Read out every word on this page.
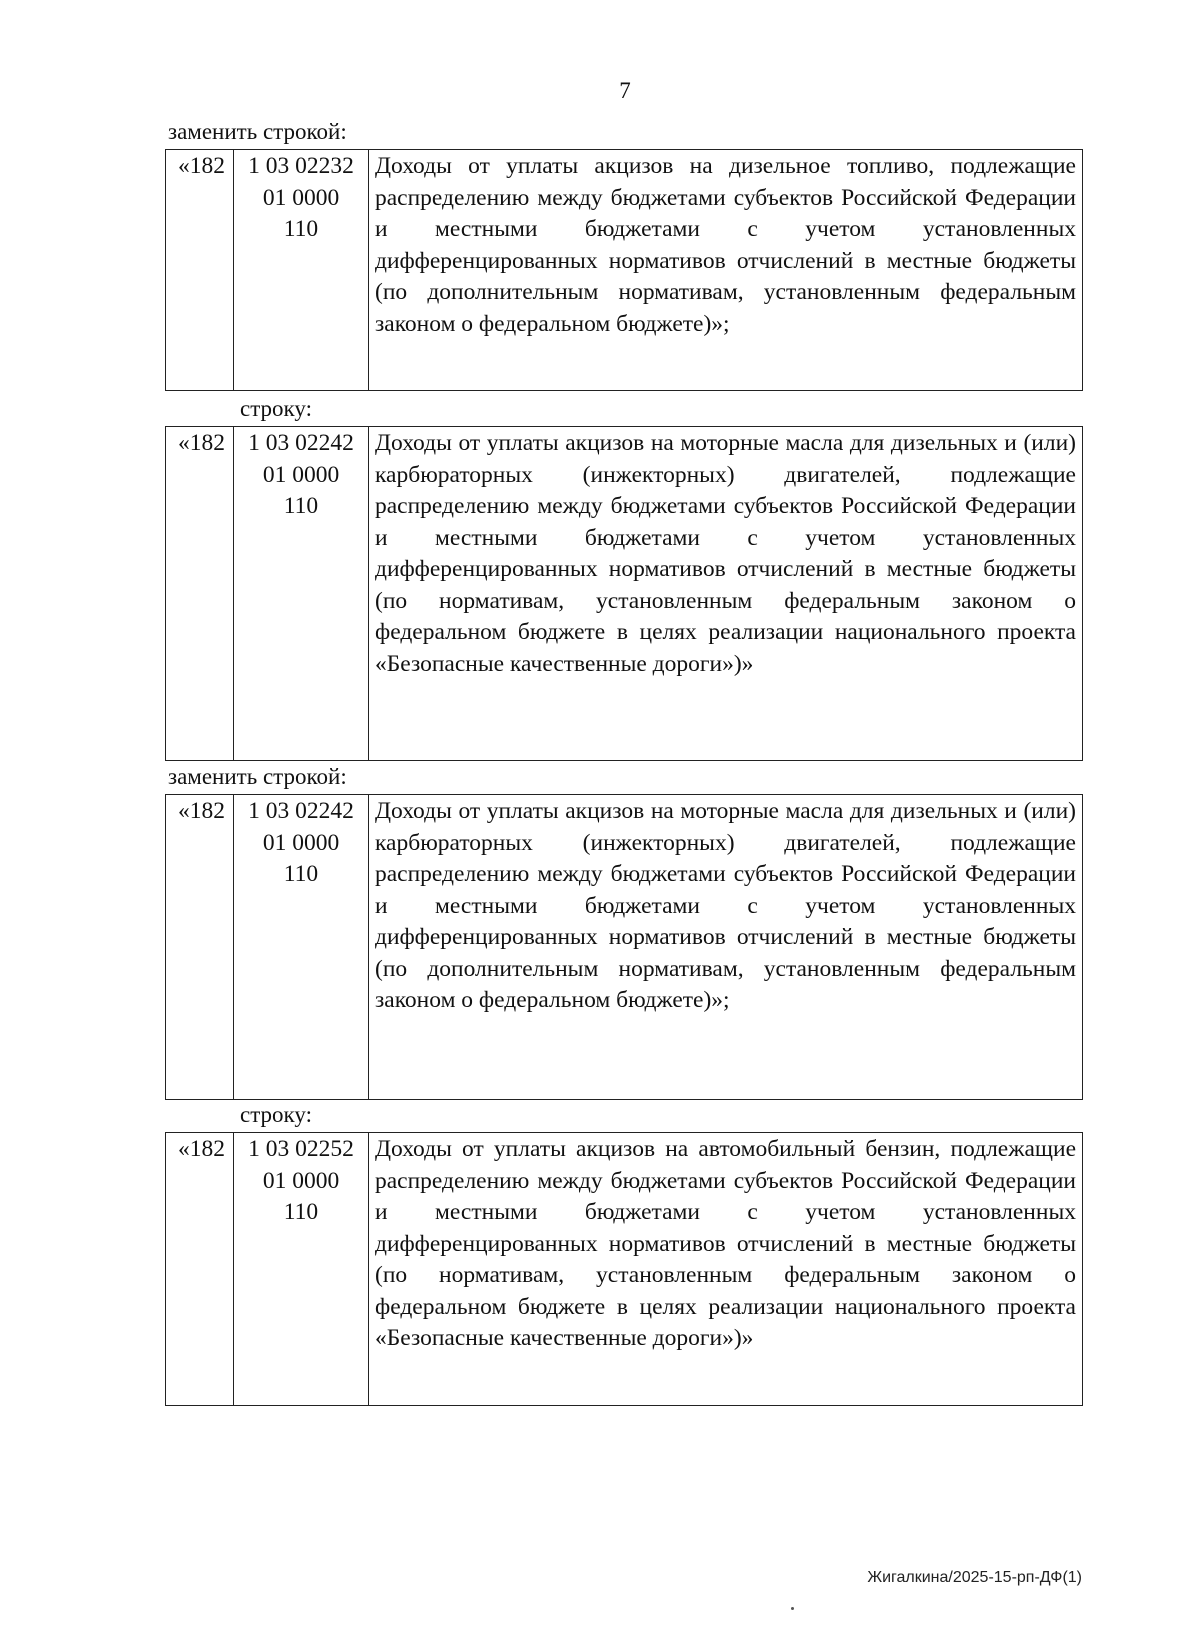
7
заменить строкой:
«182	1 03 02232
01 0000
110
	Доходы от уплаты акцизов на дизельное топливо, подлежащие распределению между бюджетами субъектов Российской Федерации и местными бюджетами с учетом установленных дифференцированных нормативов отчислений в местные бюджеты (по дополнительным нормативам, установленным федеральным законом о федеральном бюджете)»;
строку:
«182	1 03 02242
01 0000
110
	Доходы от уплаты акцизов на моторные масла для дизельных и (или) карбюраторных (инжекторных) двигателей, подлежащие распределению между бюджетами субъектов Российской Федерации и местными бюджетами с учетом установленных дифференцированных нормативов отчислений в местные бюджеты (по нормативам, установленным федеральным законом о федеральном бюджете в целях реализации национального проекта «Безопасные качественные дороги»)»
заменить строкой:
«182	1 03 02242
01 0000
110
	Доходы от уплаты акцизов на моторные масла для дизельных и (или) карбюраторных (инжекторных) двигателей, подлежащие распределению между бюджетами субъектов Российской Федерации и местными бюджетами с учетом установленных дифференцированных нормативов отчислений в местные бюджеты (по дополнительным нормативам, установленным федеральным законом о федеральном бюджете)»;
строку:
«182	1 03 02252
01 0000
110
	Доходы от уплаты акцизов на автомобильный бензин, подлежащие распределению между бюджетами субъектов Российской Федерации и местными бюджетами с учетом установленных дифференцированных нормативов отчислений в местные бюджеты (по нормативам, установленным федеральным законом о федеральном бюджете в целях реализации национального проекта «Безопасные качественные дороги»)»
Жигалкина/2025-15-рп-ДФ(1)
